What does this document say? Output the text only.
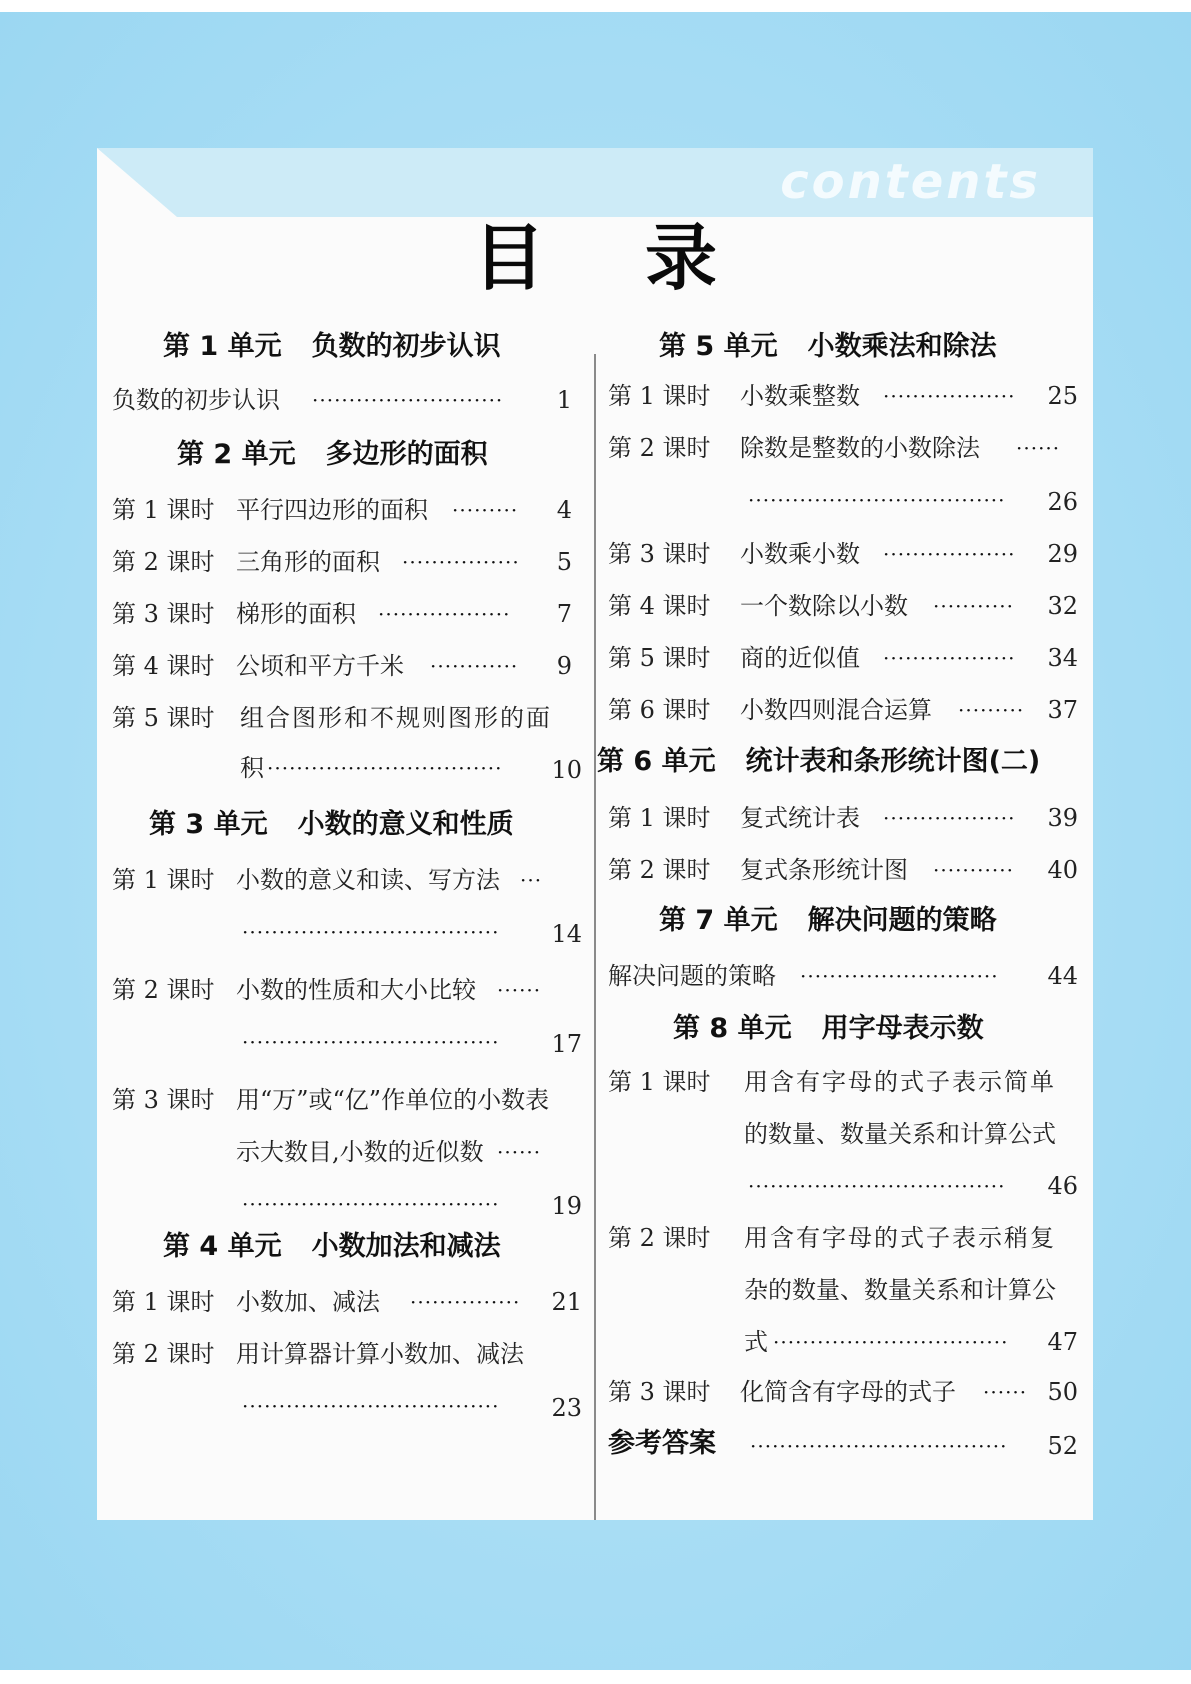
contents
目 录
第 1 单元 负数的初步认识
负数的初步认识 ··························	1
第 2 单元 多边形的面积
第 1 课时 平行四边形的面积 ·········	4
第 2 课时 三角形的面积 ················	5
第 3 课时 梯形的面积 ··················	7
第 4 课时 公顷和平方千米 ············	9
第 5 课时 组合图形和不规则图形的面
积 ································	10
第 3 单元 小数的意义和性质
第 1 课时 小数的意义和读、写方法 ···
···································	14
第 2 课时 小数的性质和大小比较 ······
···································	17
第 3 课时 用“万”或“亿”作单位的小数表
示大数目,小数的近似数 ······
···································	19
第 4 单元 小数加法和减法
第 1 课时 小数加、减法 ···············	21
第 2 课时 用计算器计算小数加、减法
···································	23
第 5 单元 小数乘法和除法
第 1 课时 小数乘整数 ··················	25
第 2 课时 除数是整数的小数除法 ······
···································	26
第 3 课时 小数乘小数 ··················	29
第 4 课时 一个数除以小数 ···········	32
第 5 课时 商的近似值 ··················	34
第 6 课时 小数四则混合运算 ········· 37
第 6 单元 统计表和条形统计图(二)
第 1 课时 复式统计表 ··················	39
第 2 课时 复式条形统计图 ···········	40
第 7 单元 解决问题的策略
解决问题的策略 ···························	44
第 8 单元 用字母表示数
第 1 课时 用含有字母的式子表示简单
的数量、数量关系和计算公式
···································	46
第 2 课时 用含有字母的式子表示稍复
杂的数量、数量关系和计算公
式 ································	47
第 3 课时 化简含有字母的式子 ······ 50
参考答案 ···································	52
